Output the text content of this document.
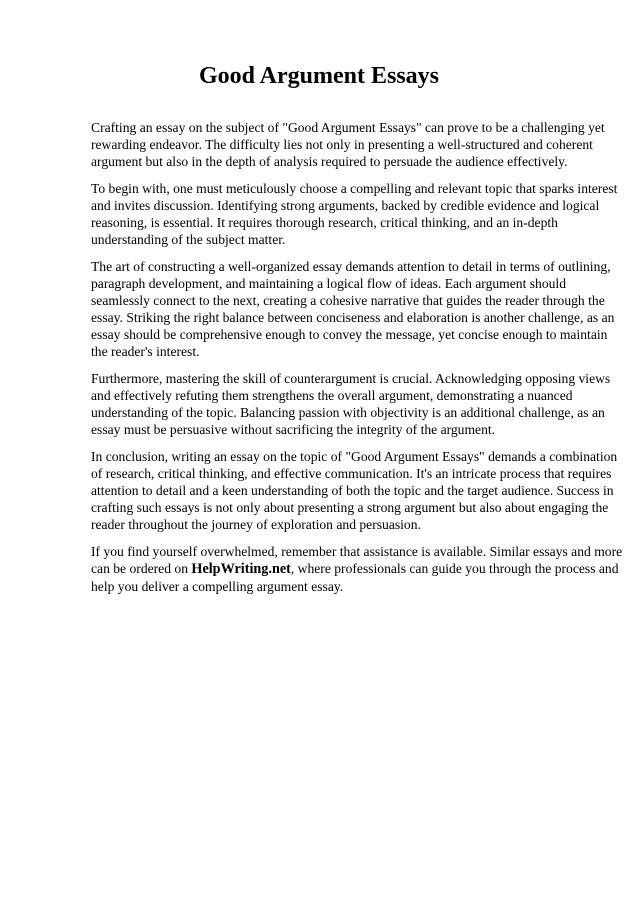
Good Argument Essays

Crafting an essay on the subject of "Good Argument Essays" can prove to be a challenging yet
rewarding endeavor. The difficulty lies not only in presenting a well-structured and coherent
argument but also in the depth of analysis required to persuade the audience effectively.

To begin with, one must meticulously choose a compelling and relevant topic that sparks interest
and invites discussion. Identifying strong arguments, backed by credible evidence and logical
reasoning, is essential. It requires thorough research, critical thinking, and an in-depth
understanding of the subject matter.

The art of constructing a well-organized essay demands attention to detail in terms of outlining,
paragraph development, and maintaining a logical flow of ideas. Each argument should
seamlessly connect to the next, creating a cohesive narrative that guides the reader through the
essay. Striking the right balance between conciseness and elaboration is another challenge, as an
essay should be comprehensive enough to convey the message, yet concise enough to maintain
the reader's interest.

Furthermore, mastering the skill of counterargument is crucial. Acknowledging opposing views
and effectively refuting them strengthens the overall argument, demonstrating a nuanced
understanding of the topic. Balancing passion with objectivity is an additional challenge, as an
essay must be persuasive without sacrificing the integrity of the argument.

In conclusion, writing an essay on the topic of "Good Argument Essays" demands a combination
of research, critical thinking, and effective communication. It's an intricate process that requires
attention to detail and a keen understanding of both the topic and the target audience. Success in
crafting such essays is not only about presenting a strong argument but also about engaging the
reader throughout the journey of exploration and persuasion.

If you find yourself overwhelmed, remember that assistance is available. Similar essays and more
can be ordered on HelpWriting.net, where professionals can guide you through the process and
help you deliver a compelling argument essay.
